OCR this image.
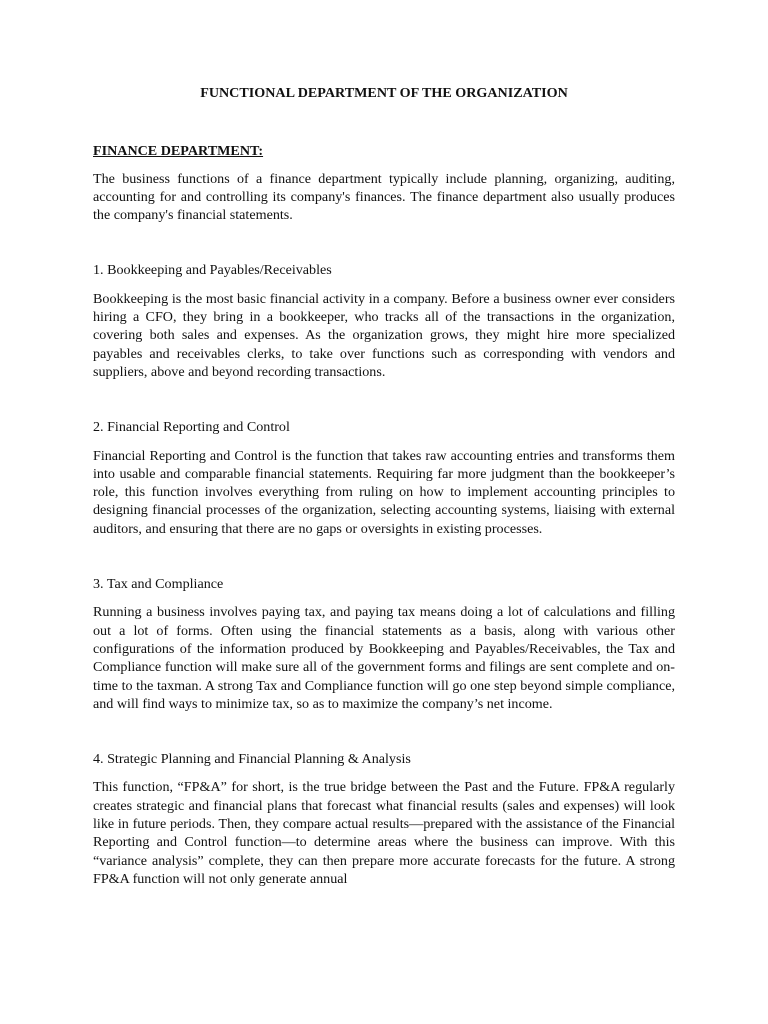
FUNCTIONAL DEPARTMENT OF THE ORGANIZATION
FINANCE DEPARTMENT:
The business functions of a finance department typically include planning, organizing, auditing, accounting for and controlling its company's finances. The finance department also usually produces the company's financial statements.
1. Bookkeeping and Payables/Receivables
Bookkeeping is the most basic financial activity in a company. Before a business owner ever considers hiring a CFO, they bring in a bookkeeper, who tracks all of the transactions in the organization, covering both sales and expenses. As the organization grows, they might hire more specialized payables and receivables clerks, to take over functions such as corresponding with vendors and suppliers, above and beyond recording transactions.
2. Financial Reporting and Control
Financial Reporting and Control is the function that takes raw accounting entries and transforms them into usable and comparable financial statements. Requiring far more judgment than the bookkeeper’s role, this function involves everything from ruling on how to implement accounting principles to designing financial processes of the organization, selecting accounting systems, liaising with external auditors, and ensuring that there are no gaps or oversights in existing processes.
3. Tax and Compliance
Running a business involves paying tax, and paying tax means doing a lot of calculations and filling out a lot of forms. Often using the financial statements as a basis, along with various other configurations of the information produced by Bookkeeping and Payables/Receivables, the Tax and Compliance function will make sure all of the government forms and filings are sent complete and on-time to the taxman. A strong Tax and Compliance function will go one step beyond simple compliance, and will find ways to minimize tax, so as to maximize the company’s net income.
4. Strategic Planning and Financial Planning & Analysis
This function, “FP&A” for short, is the true bridge between the Past and the Future. FP&A regularly creates strategic and financial plans that forecast what financial results (sales and expenses) will look like in future periods. Then, they compare actual results—prepared with the assistance of the Financial Reporting and Control function—to determine areas where the business can improve. With this “variance analysis” complete, they can then prepare more accurate forecasts for the future. A strong FP&A function will not only generate annual
